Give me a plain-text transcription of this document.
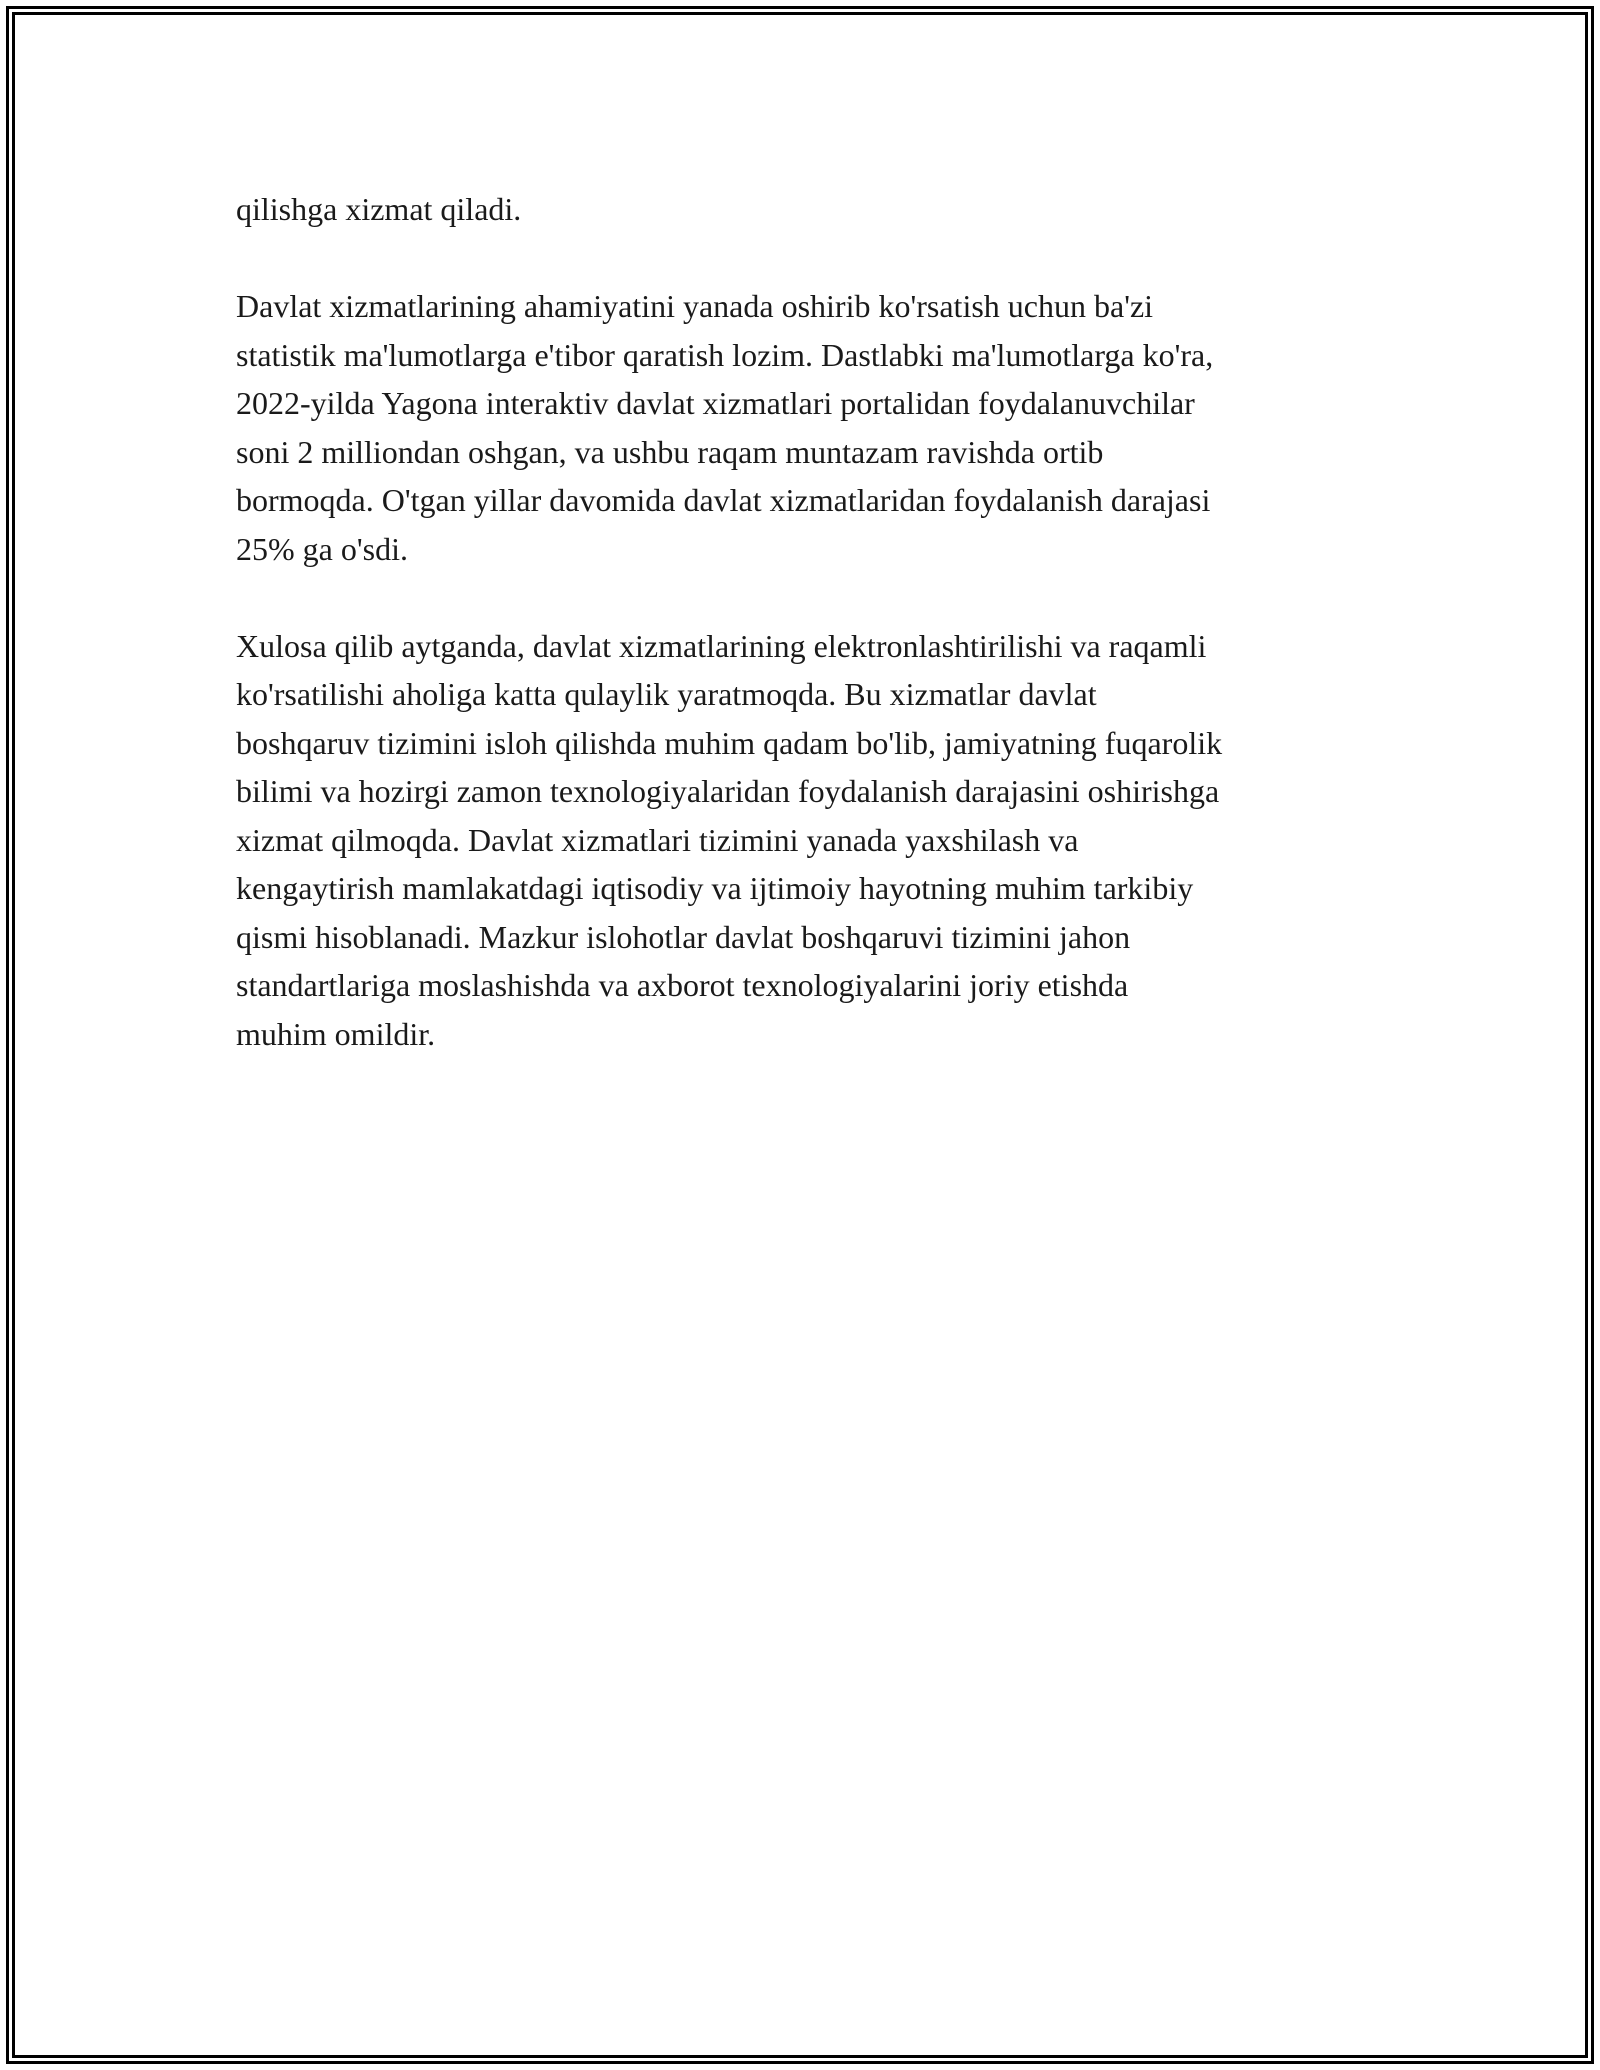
qilishga xizmat qiladi.

Davlat xizmatlarining ahamiyatini yanada oshirib ko'rsatish uchun ba'zi
statistik ma'lumotlarga e'tibor qaratish lozim. Dastlabki ma'lumotlarga ko'ra,
2022-yilda Yagona interaktiv davlat xizmatlari portalidan foydalanuvchilar
soni 2 milliondan oshgan, va ushbu raqam muntazam ravishda ortib
bormoqda. O'tgan yillar davomida davlat xizmatlaridan foydalanish darajasi
25% ga o'sdi.

Xulosa qilib aytganda, davlat xizmatlarining elektronlashtirilishi va raqamli
ko'rsatilishi aholiga katta qulaylik yaratmoqda. Bu xizmatlar davlat
boshqaruv tizimini isloh qilishda muhim qadam bo'lib, jamiyatning fuqarolik
bilimi va hozirgi zamon texnologiyalaridan foydalanish darajasini oshirishga
xizmat qilmoqda. Davlat xizmatlari tizimini yanada yaxshilash va
kengaytirish mamlakatdagi iqtisodiy va ijtimoiy hayotning muhim tarkibiy
qismi hisoblanadi. Mazkur islohotlar davlat boshqaruvi tizimini jahon
standartlariga moslashishda va axborot texnologiyalarini joriy etishda
muhim omildir.
